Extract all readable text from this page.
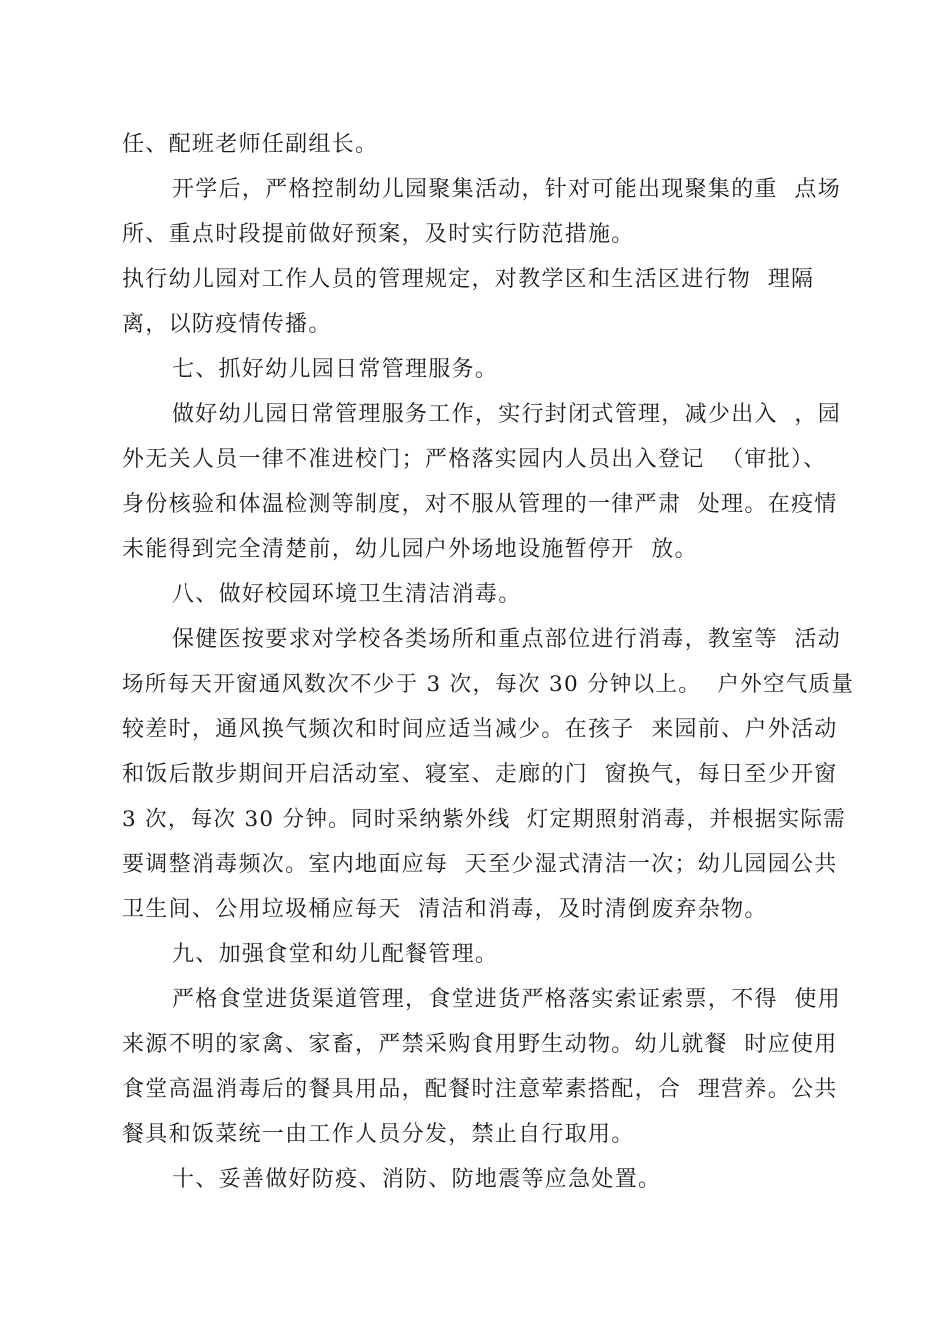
任、配班老师任副组长。
开学后，严格控制幼儿园聚集活动，针对可能出现聚集的重  点场
所、重点时段提前做好预案，及时实行防范措施。
执行幼儿园对工作人员的管理规定，对教学区和生活区进行物  理隔
离，以防疫情传播。
七、抓好幼儿园日常管理服务。
做好幼儿园日常管理服务工作，实行封闭式管理，减少出入  ，园
外无关人员一律不准进校门；严格落实园内人员出入登记  （审批）、
身份核验和体温检测等制度，对不服从管理的一律严肃  处理。在疫情
未能得到完全清楚前，幼儿园户外场地设施暂停开  放。
八、做好校园环境卫生清洁消毒。
保健医按要求对学校各类场所和重点部位进行消毒，教室等  活动
场所每天开窗通风数次不少于 3 次，每次 30 分钟以上。  户外空气质量
较差时，通风换气频次和时间应适当减少。在孩子  来园前、户外活动
和饭后散步期间开启活动室、寝室、走廊的门  窗换气，每日至少开窗
3 次，每次 30 分钟。同时采纳紫外线  灯定期照射消毒，并根据实际需
要调整消毒频次。室内地面应每  天至少湿式清洁一次；幼儿园园公共
卫生间、公用垃圾桶应每天  清洁和消毒，及时清倒废弃杂物。
九、加强食堂和幼儿配餐管理。
严格食堂进货渠道管理，食堂进货严格落实索证索票，不得  使用
来源不明的家禽、家畜，严禁采购食用野生动物。幼儿就餐  时应使用
食堂高温消毒后的餐具用品，配餐时注意荤素搭配，合  理营养。公共
餐具和饭菜统一由工作人员分发，禁止自行取用。
十、妥善做好防疫、消防、防地震等应急处置。
